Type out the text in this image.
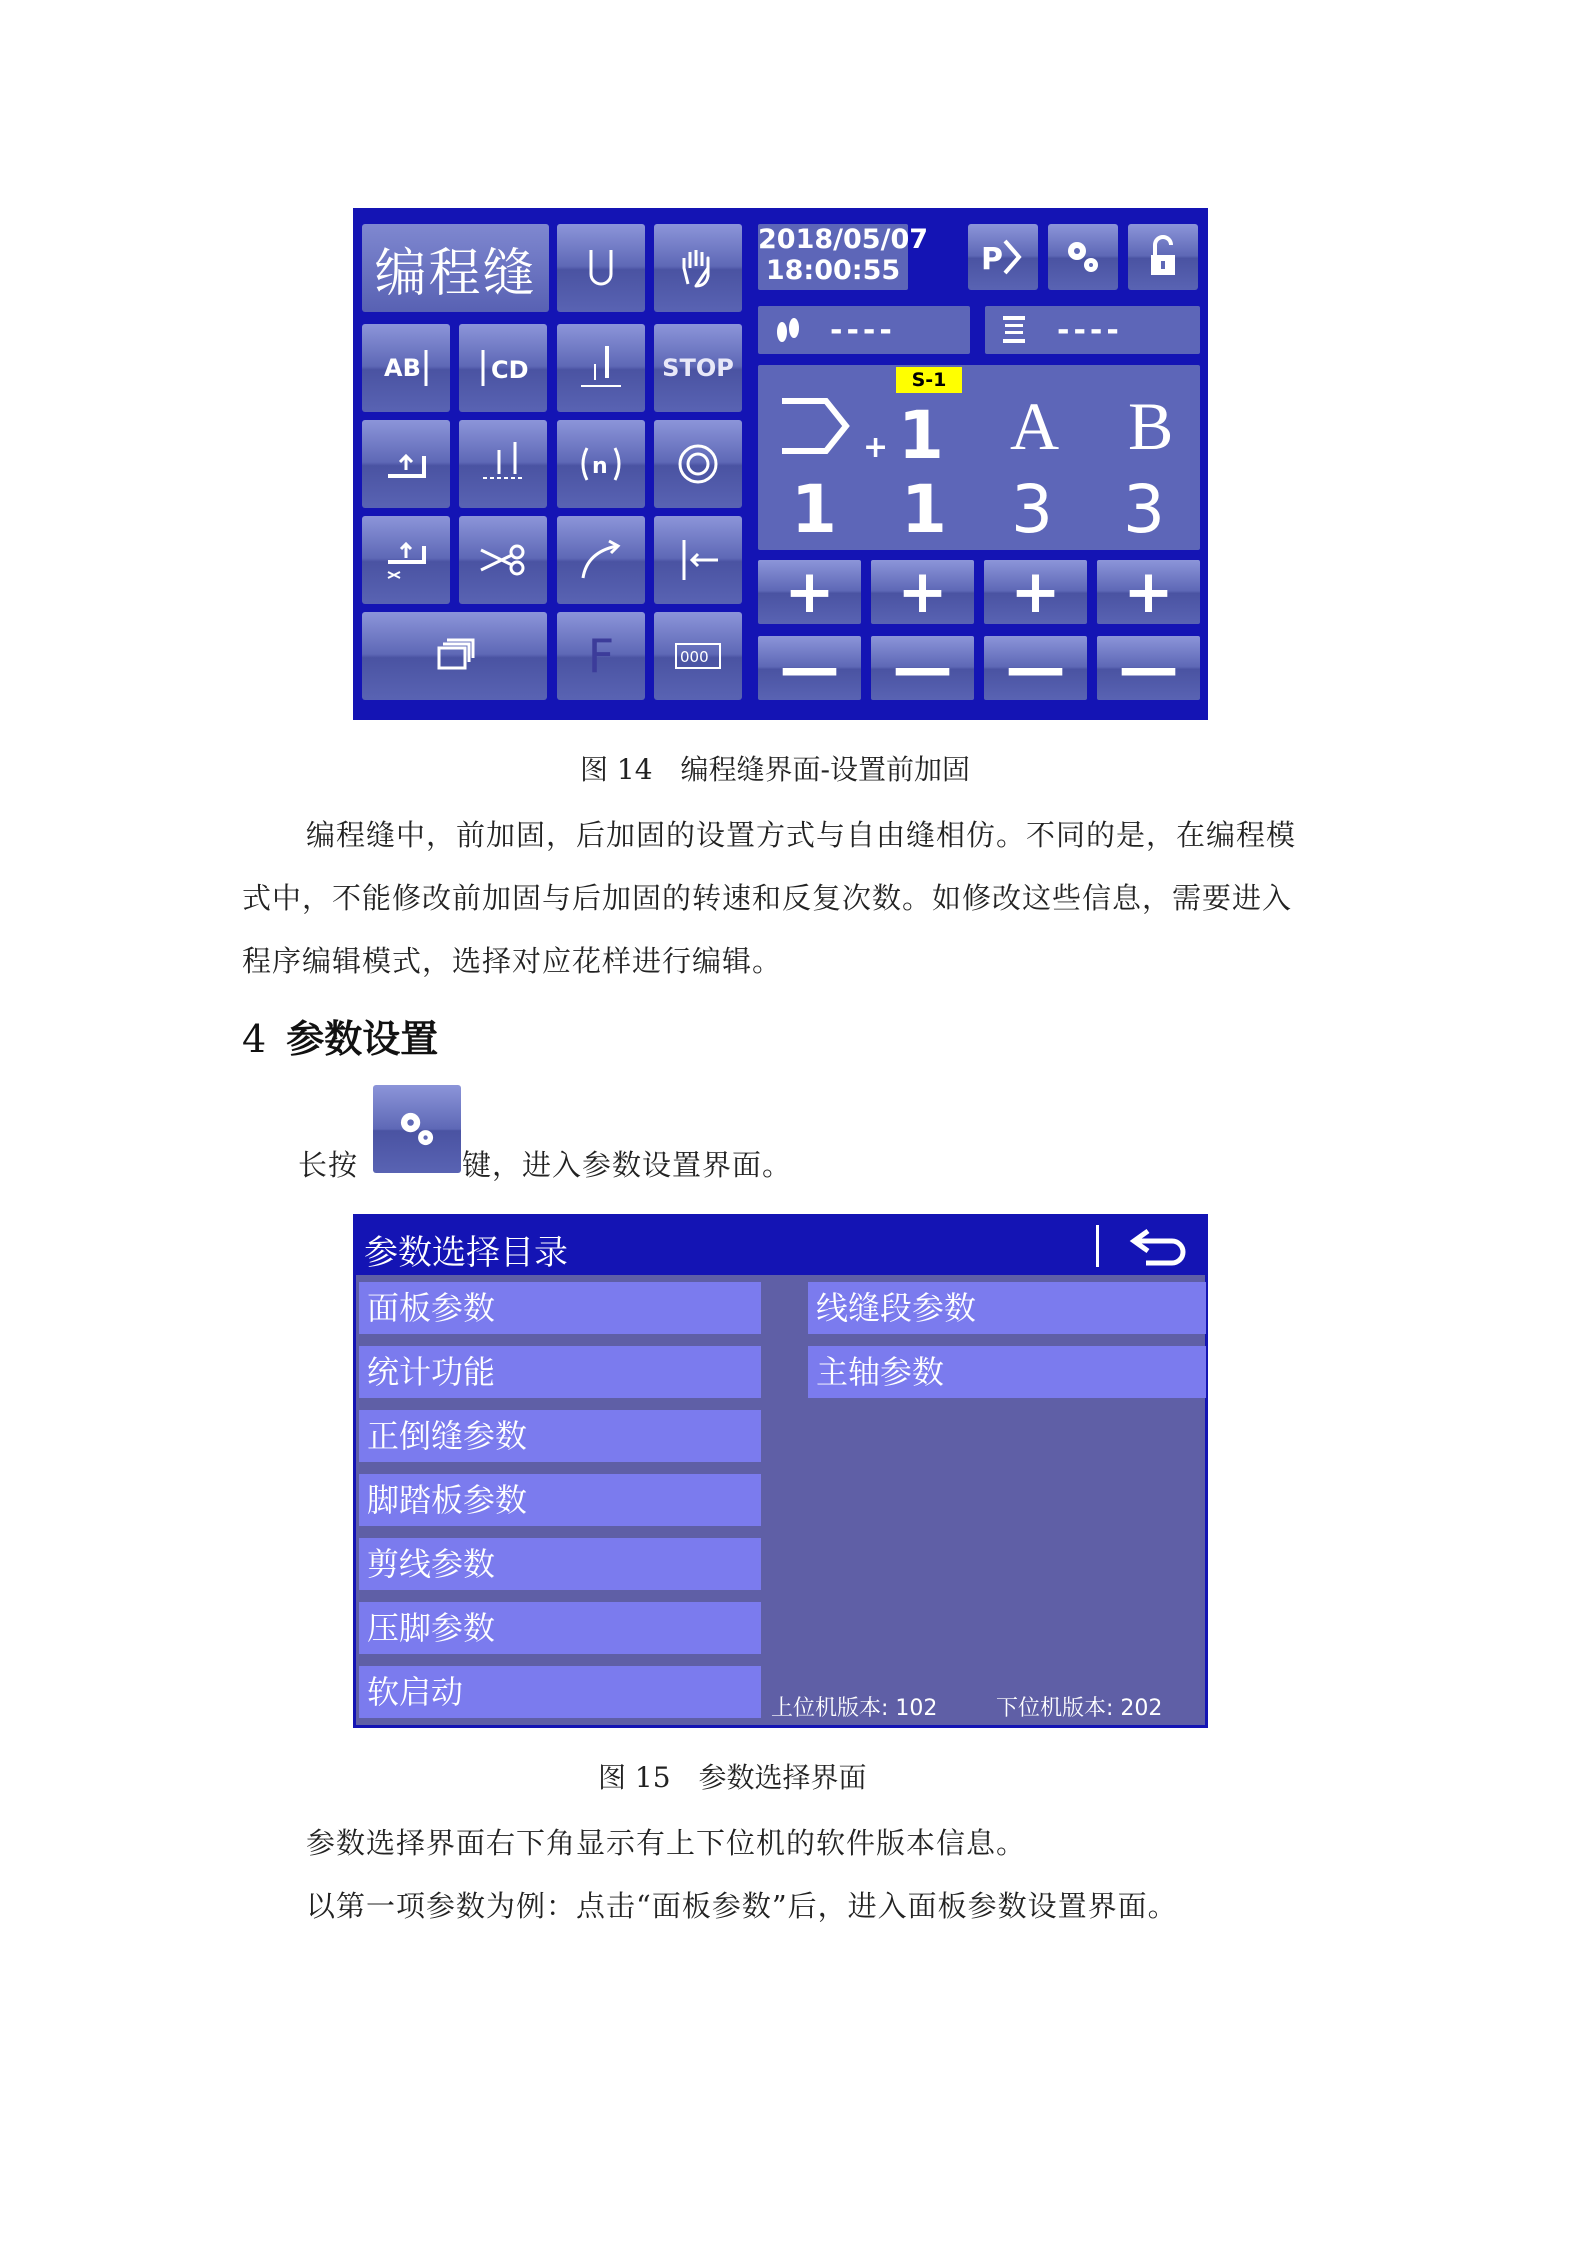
编程缝
2018/05/07
18:00:55	P
----	----
AB	CD	STOP
n
F	000
S-1
+ 1 A B
1 1 3 3
+	+	+	+
— — — —
图 14　编程缝界面-设置前加固
编程缝中，前加固，后加固的设置方式与自由缝相仿。不同的是，在编程模
式中，不能修改前加固与后加固的转速和反复次数。如修改这些信息，需要进入
程序编辑模式，选择对应花样进行编辑。
4 参数设置
长按	键，进入参数设置界面。
参数选择目录
面板参数
统计功能
正倒缝参数
脚踏板参数
剪线参数
压脚参数
软启动
线缝段参数
主轴参数
上位机版本: 102	下位机版本: 202
图 15　参数选择界面
参数选择界面右下角显示有上下位机的软件版本信息。
以第一项参数为例：点击“面板参数”后，进入面板参数设置界面。
